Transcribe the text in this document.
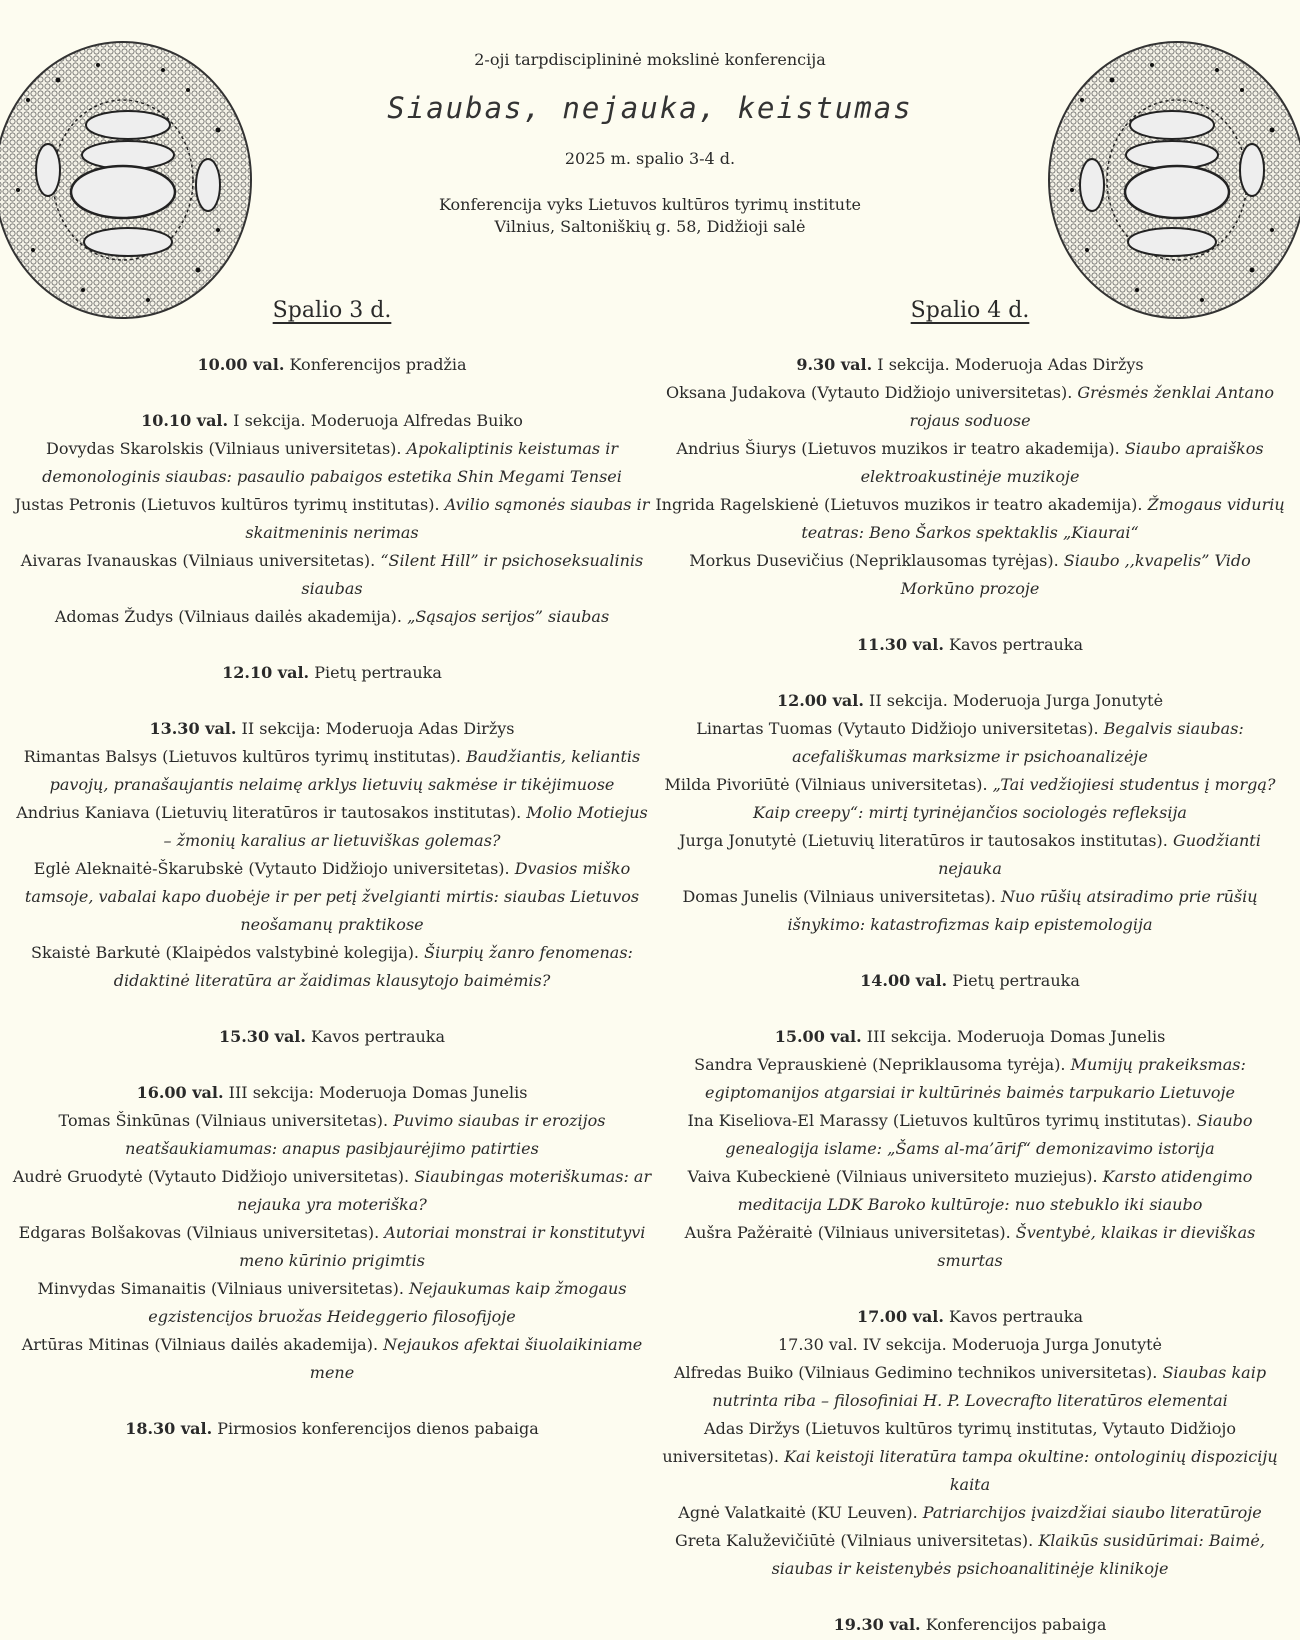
2-oji tarpdisciplininė mokslinė konferencija

Siaubas, nejauka, keistumas

2025 m. spalio 3-4 d.

Konferencija vyks Lietuvos kultūros tyrimų institute

Vilnius, Saltoniškių g. 58, Didžioji salė

Spalio 3 d.

10.00 val. Konferencijos pradžia

10.10 val. I sekcija. Moderuoja Alfredas Buiko

Dovydas Skarolskis (Vilniaus universitetas). Apokaliptinis keistumas ir demonologinis siaubas: pasaulio pabaigos estetika Shin Megami Tensei

Justas Petronis (Lietuvos kultūros tyrimų institutas). Avilio sąmonės siaubas ir skaitmeninis nerimas

Aivaras Ivanauskas (Vilniaus universitetas). “Silent Hill” ir psichoseksualinis siaubas

Adomas Žudys (Vilniaus dailės akademija). „Sąsajos serijos” siaubas

12.10 val. Pietų pertrauka

13.30 val. II sekcija: Moderuoja Adas Diržys

Rimantas Balsys (Lietuvos kultūros tyrimų institutas). Baudžiantis, keliantis pavojų, pranašaujantis nelaimę arklys lietuvių sakmėse ir tikėjimuose

Andrius Kaniava (Lietuvių literatūros ir tautosakos institutas). Molio Motiejus – žmonių karalius ar lietuviškas golemas?

Eglė Aleknaitė-Škarubskė (Vytauto Didžiojo universitetas). Dvasios miško tamsoje, vabalai kapo duobėje ir per petį žvelgianti mirtis: siaubas Lietuvos neošamanų praktikose

Skaistė Barkutė (Klaipėdos valstybinė kolegija). Šiurpių žanro fenomenas: didaktinė literatūra ar žaidimas klausytojo baimėmis?

15.30 val. Kavos pertrauka

16.00 val. III sekcija: Moderuoja Domas Junelis

Tomas Šinkūnas (Vilniaus universitetas). Puvimo siaubas ir erozijos neatšaukiamumas: anapus pasibjaurėjimo patirties

Audrė Gruodytė (Vytauto Didžiojo universitetas). Siaubingas moteriškumas: ar nejauka yra moteriška?

Edgaras Bolšakovas (Vilniaus universitetas). Autoriai monstrai ir konstitutyvi meno kūrinio prigimtis

Minvydas Simanaitis (Vilniaus universitetas). Nejaukumas kaip žmogaus egzistencijos bruožas Heideggerio filosofijoje

Artūras Mitinas (Vilniaus dailės akademija). Nejaukos afektai šiuolaikiniame mene

18.30 val. Pirmosios konferencijos dienos pabaiga

Spalio 4 d.

9.30 val. I sekcija. Moderuoja Adas Diržys

Oksana Judakova (Vytauto Didžiojo universitetas). Grėsmės ženklai Antano rojaus soduose

Andrius Šiurys (Lietuvos muzikos ir teatro akademija). Siaubo apraiškos elektroakustinėje muzikoje

Ingrida Ragelskienė (Lietuvos muzikos ir teatro akademija). Žmogaus vidurių teatras: Beno Šarkos spektaklis „Kiaurai“

Morkus Dusevičius (Nepriklausomas tyrėjas). Siaubo ,,kvapelis” Vido Morkūno prozoje

11.30 val. Kavos pertrauka

12.00 val. II sekcija. Moderuoja Jurga Jonutytė

Linartas Tuomas (Vytauto Didžiojo universitetas). Begalvis siaubas: acefališkumas marksizme ir psichoanalizėje

Milda Pivoriūtė (Vilniaus universitetas). „Tai vedžiojiesi studentus į morgą? Kaip creepy“: mirtį tyrinėjančios sociologės refleksija

Jurga Jonutytė (Lietuvių literatūros ir tautosakos institutas). Guodžianti nejauka

Domas Junelis (Vilniaus universitetas). Nuo rūšių atsiradimo prie rūšių išnykimo: katastrofizmas kaip epistemologija

14.00 val. Pietų pertrauka

15.00 val. III sekcija. Moderuoja Domas Junelis

Sandra Veprauskienė (Nepriklausoma tyrėja). Mumijų prakeiksmas: egiptomanijos atgarsiai ir kultūrinės baimės tarpukario Lietuvoje

Ina Kiseliova-El Marassy (Lietuvos kultūros tyrimų institutas). Siaubo genealogija islame: „Šams al-ma’ārif“ demonizavimo istorija

Vaiva Kubeckienė (Vilniaus universiteto muziejus). Karsto atidengimo meditacija LDK Baroko kultūroje: nuo stebuklo iki siaubo

Aušra Pažėraitė (Vilniaus universitetas). Šventybė, klaikas ir dieviškas smurtas

17.00 val. Kavos pertrauka

17.30 val. IV sekcija. Moderuoja Jurga Jonutytė

Alfredas Buiko (Vilniaus Gedimino technikos universitetas). Siaubas kaip nutrinta riba – filosofiniai H. P. Lovecrafto literatūros elementai

Adas Diržys (Lietuvos kultūros tyrimų institutas, Vytauto Didžiojo universitetas). Kai keistoji literatūra tampa okultine: ontologinių dispozicijų kaita

Agnė Valatkaitė (KU Leuven). Patriarchijos įvaizdžiai siaubo literatūroje

Greta Kaluževičiūtė (Vilniaus universitetas). Klaikūs susidūrimai: Baimė, siaubas ir keistenybės psichoanalitinėje klinikoje

19.30 val. Konferencijos pabaiga
